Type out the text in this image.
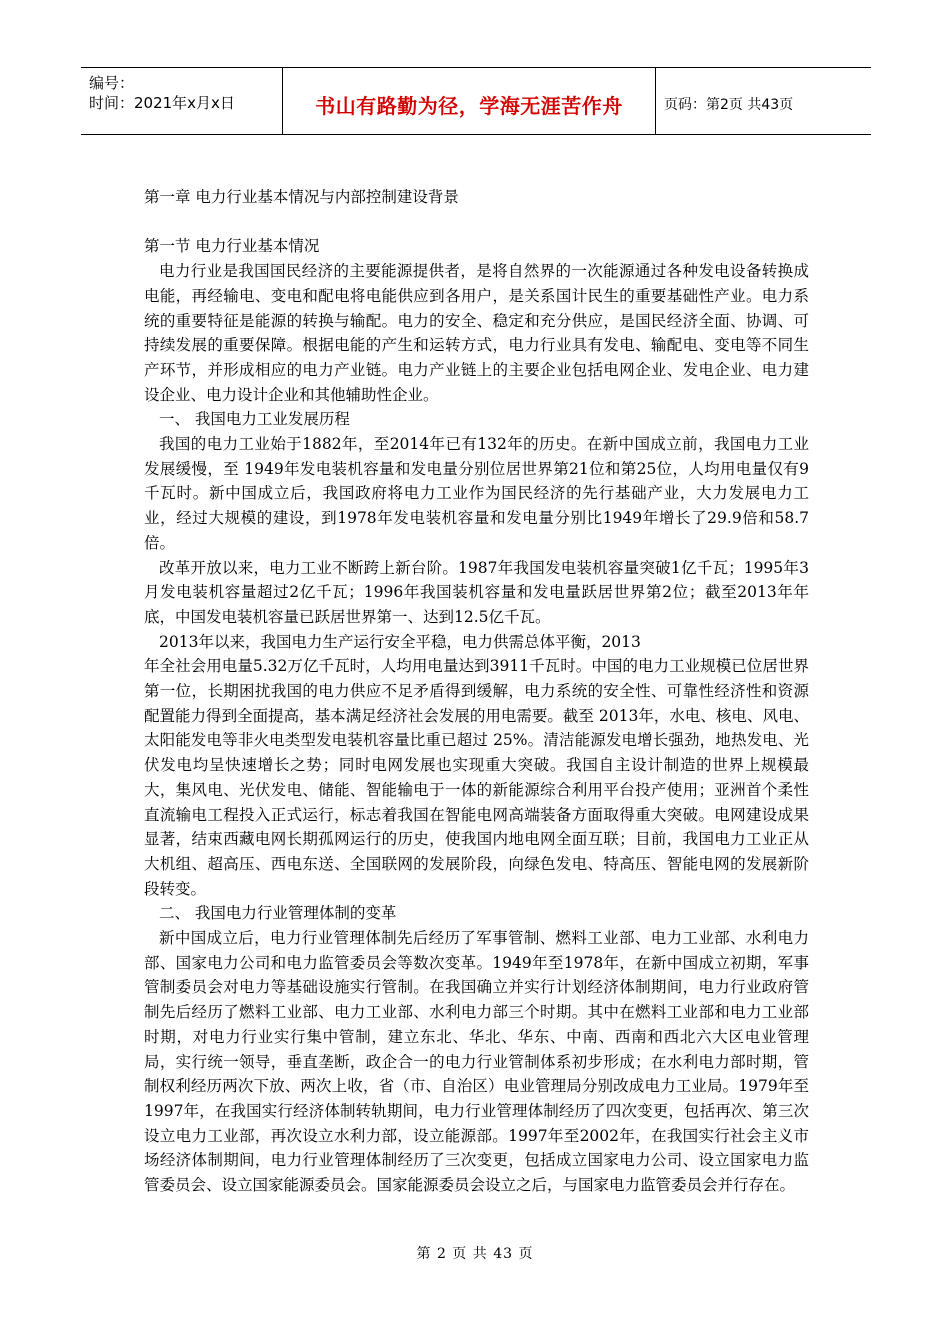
编号：
时间：2021年x月x日	书山有路勤为径，学海无涯苦作舟	页码：第2页 共43页

第一章 电力行业基本情况与内部控制建设背景

第一节 电力行业基本情况

电力行业是我国国民经济的主要能源提供者，是将自然界的一次能源通过各种发电设备转换成电能，再经输电、变电和配电将电能供应到各用户，是关系国计民生的重要基础性产业。电力系统的重要特征是能源的转换与输配。电力的安全、稳定和充分供应，是国民经济全面、协调、可持续发展的重要保障。根据电能的产生和运转方式，电力行业具有发电、输配电、变电等不同生产环节，并形成相应的电力产业链。电力产业链上的主要企业包括电网企业、发电企业、电力建设企业、电力设计企业和其他辅助性企业。

一、 我国电力工业发展历程

我国的电力工业始于1882年，至2014年已有132年的历史。在新中国成立前，我国电力工业发展缓慢，至 1949年发电装机容量和发电量分别位居世界第21位和第25位，人均用电量仅有9千瓦时。新中国成立后，我国政府将电力工业作为国民经济的先行基础产业，大力发展电力工业，经过大规模的建设，到1978年发电装机容量和发电量分别比1949年增长了29.9倍和58.7倍。

改革开放以来，电力工业不断跨上新台阶。1987年我国发电装机容量突破1亿千瓦；1995年3月发电装机容量超过2亿千瓦；1996年我国装机容量和发电量跃居世界第2位；截至2013年年底，中国发电装机容量已跃居世界第一、达到12.5亿千瓦。

2013年以来，我国电力生产运行安全平稳，电力供需总体平衡，2013

年全社会用电量5.32万亿千瓦时，人均用电量达到3911千瓦时。中国的电力工业规模已位居世界第一位，长期困扰我国的电力供应不足矛盾得到缓解，电力系统的安全性、可靠性经济性和资源配置能力得到全面提高，基本满足经济社会发展的用电需要。截至 2013年，水电、核电、风电、太阳能发电等非火电类型发电装机容量比重已超过 25%。清洁能源发电增长强劲，地热发电、光伏发电均呈快速增长之势；同时电网发展也实现重大突破。我国自主设计制造的世界上规模最大，集风电、光伏发电、储能、智能输电于一体的新能源综合利用平台投产使用；亚洲首个柔性直流输电工程投入正式运行，标志着我国在智能电网高端装备方面取得重大突破。电网建设成果显著，结束西藏电网长期孤网运行的历史，使我国内地电网全面互联；目前，我国电力工业正从大机组、超高压、西电东送、全国联网的发展阶段，向绿色发电、特高压、智能电网的发展新阶段转变。

二、 我国电力行业管理体制的变革

新中国成立后，电力行业管理体制先后经历了军事管制、燃料工业部、电力工业部、水利电力部、国家电力公司和电力监管委员会等数次变革。1949年至1978年，在新中国成立初期，军事管制委员会对电力等基础设施实行管制。在我国确立并实行计划经济体制期间，电力行业政府管制先后经历了燃料工业部、电力工业部、水利电力部三个时期。其中在燃料工业部和电力工业部时期，对电力行业实行集中管制，建立东北、华北、华东、中南、西南和西北六大区电业管理局，实行统一领导，垂直垄断，政企合一的电力行业管制体系初步形成；在水利电力部时期，管制权利经历两次下放、两次上收，省（市、自治区）电业管理局分别改成电力工业局。1979年至1997年，在我国实行经济体制转轨期间，电力行业管理体制经历了四次变更，包括再次、第三次设立电力工业部，再次设立水利力部，设立能源部。1997年至2002年，在我国实行社会主义市场经济体制期间，电力行业管理体制经历了三次变更，包括成立国家电力公司、设立国家电力监管委员会、设立国家能源委员会。国家能源委员会设立之后，与国家电力监管委员会并行存在。

第 2 页 共 43 页
